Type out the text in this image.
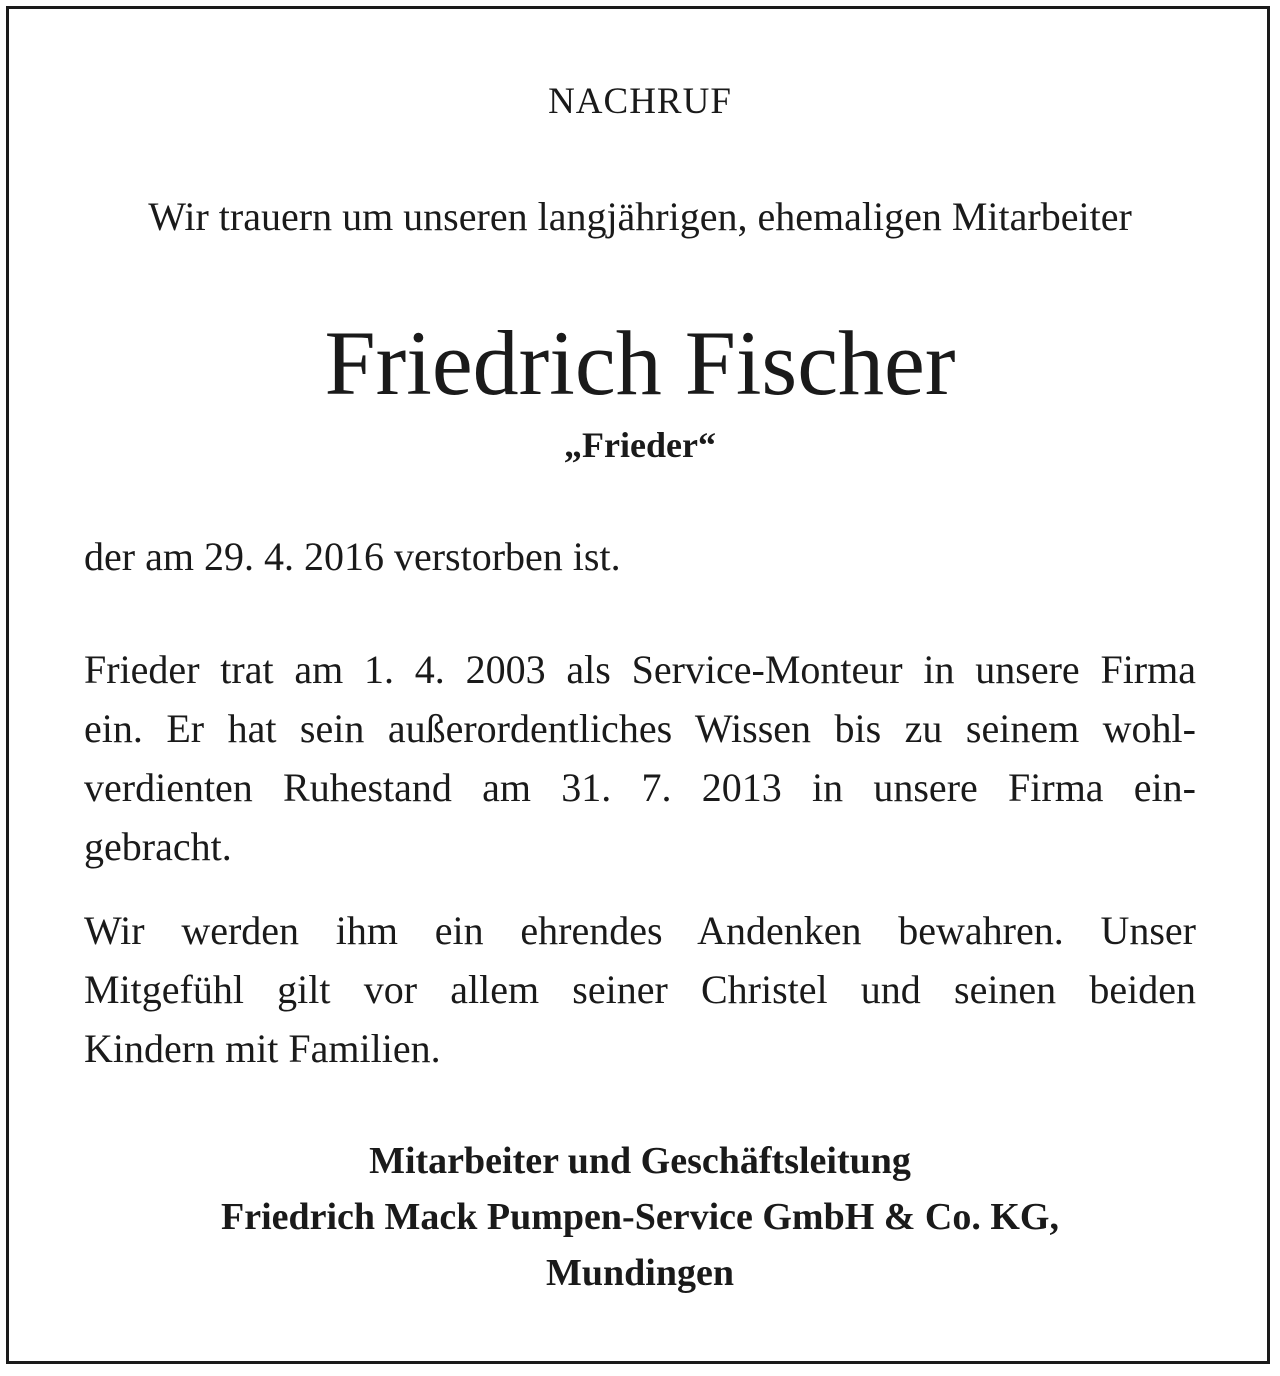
NACHRUF
Wir trauern um unseren langjährigen, ehemaligen Mitarbeiter
Friedrich Fischer
„Frieder“
der am 29. 4. 2016 verstorben ist.
Frieder trat am 1. 4. 2003 als Service-Monteur in unsere Firma
ein. Er hat sein außerordentliches Wissen bis zu seinem wohl-
verdienten Ruhestand am 31. 7. 2013 in unsere Firma ein-
gebracht.
Wir werden ihm ein ehrendes Andenken bewahren. Unser
Mitgefühl gilt vor allem seiner Christel und seinen beiden
Kindern mit Familien.
Mitarbeiter und Geschäftsleitung
Friedrich Mack Pumpen-Service GmbH & Co. KG,
Mundingen
